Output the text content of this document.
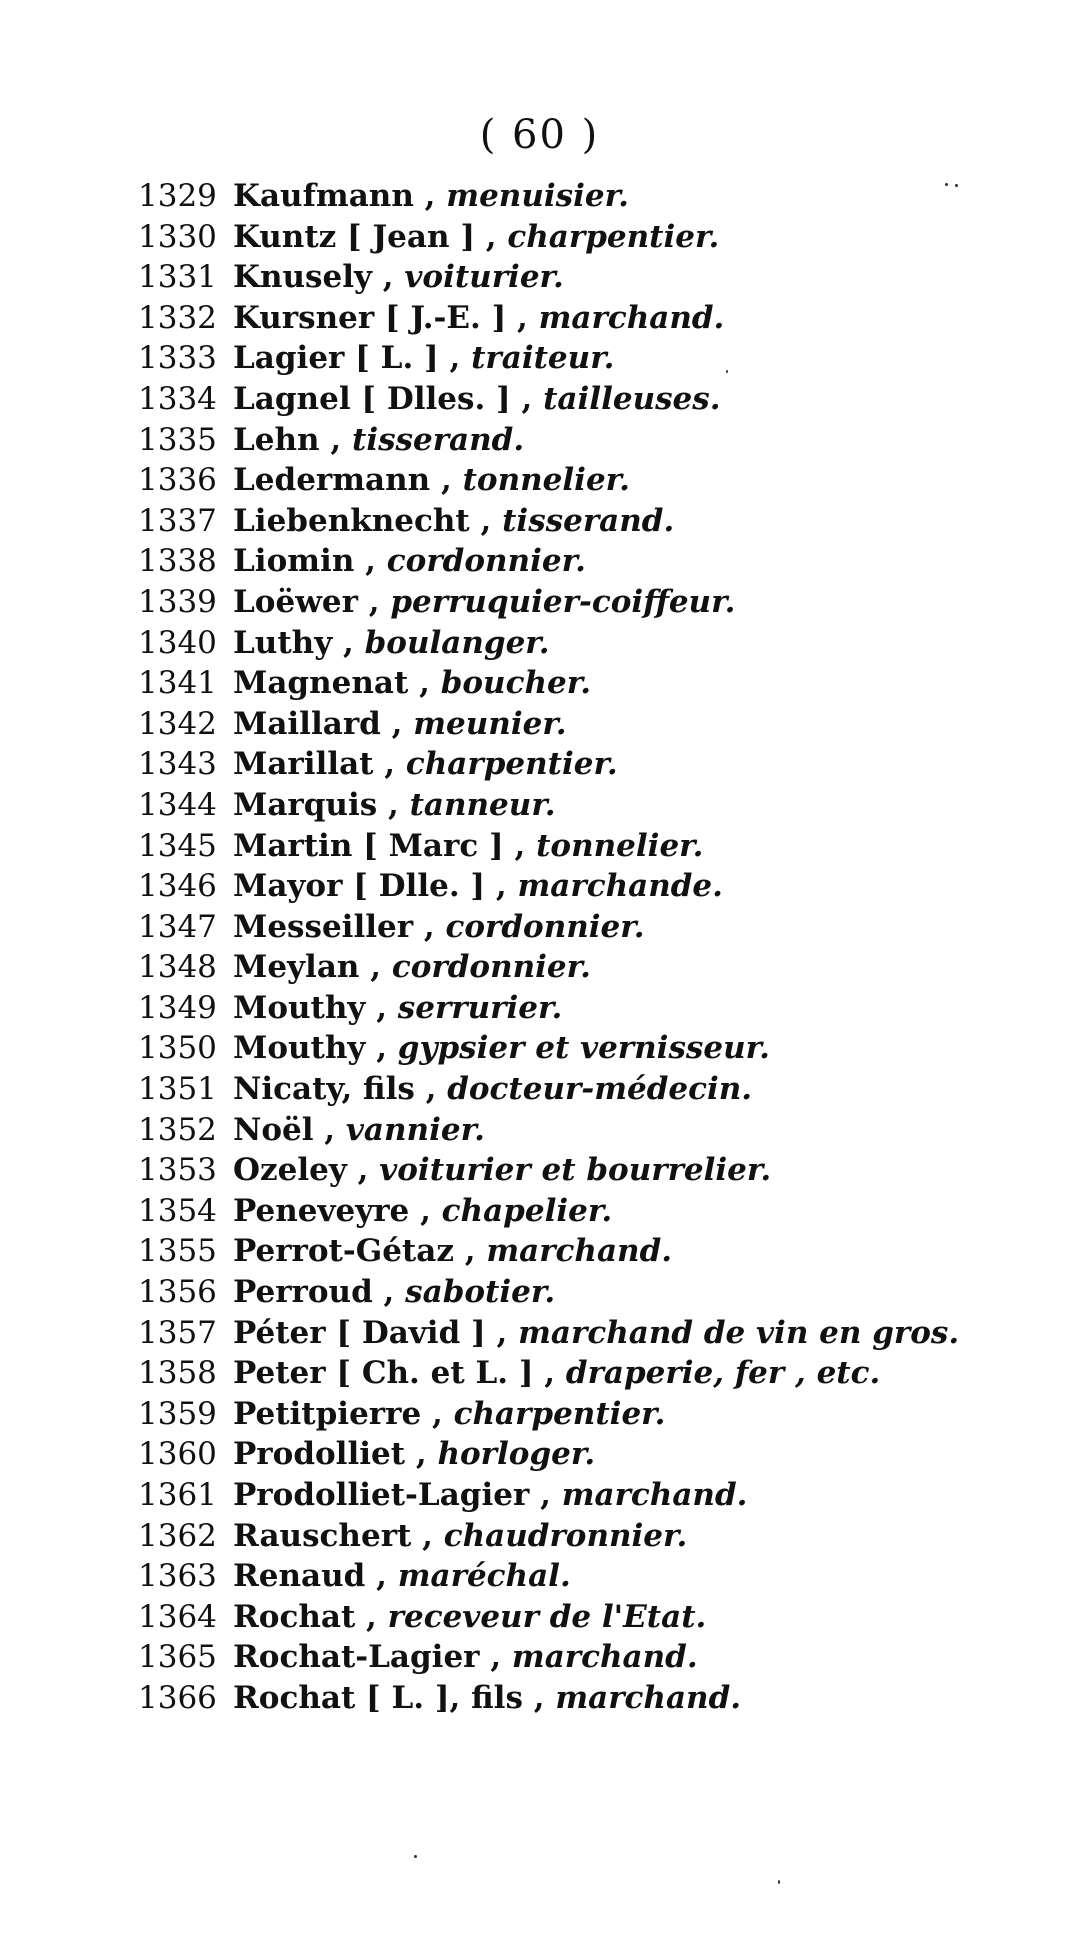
( 60 )
1329 Kaufmann , menuisier.
1330 Kuntz [ Jean ] , charpentier.
1331 Knusely , voiturier.
1332 Kursner [ J.-E. ] , marchand.
1333 Lagier [ L. ] , traiteur.
1334 Lagnel [ Dlles. ] , tailleuses.
1335 Lehn , tisserand.
1336 Ledermann , tonnelier.
1337 Liebenknecht , tisserand.
1338 Liomin , cordonnier.
1339 Loëwer , perruquier-coiffeur.
1340 Luthy , boulanger.
1341 Magnenat , boucher.
1342 Maillard , meunier.
1343 Marillat , charpentier.
1344 Marquis , tanneur.
1345 Martin [ Marc ] , tonnelier.
1346 Mayor [ Dlle. ] , marchande.
1347 Messeiller , cordonnier.
1348 Meylan , cordonnier.
1349 Mouthy , serrurier.
1350 Mouthy , gypsier et vernisseur.
1351 Nicaty, fils , docteur-médecin.
1352 Noël , vannier.
1353 Ozeley , voiturier et bourrelier.
1354 Peneveyre , chapelier.
1355 Perrot-Gétaz , marchand.
1356 Perroud , sabotier.
1357 Péter [ David ] , marchand de vin en gros.
1358 Peter [ Ch. et L. ] , draperie, fer , etc.
1359 Petitpierre , charpentier.
1360 Prodolliet , horloger.
1361 Prodolliet-Lagier , marchand.
1362 Rauschert , chaudronnier.
1363 Renaud , maréchal.
1364 Rochat , receveur de l'Etat.
1365 Rochat-Lagier , marchand.
1366 Rochat [ L. ], fils , marchand.
